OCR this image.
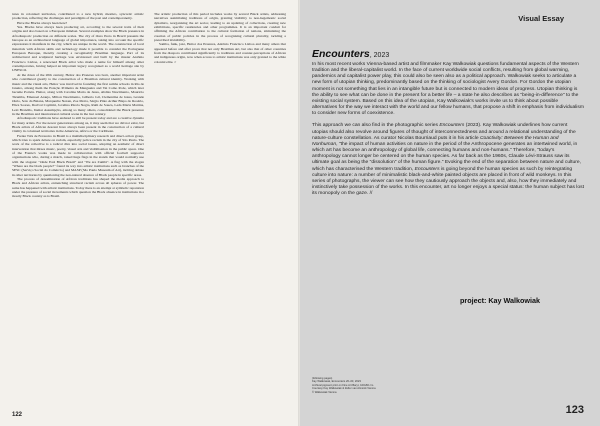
tures in colonised territories, contributed to a new hybrid, mestizo, syncretic artistic production, reflecting the challenges and paradigms of the past and contemporaneity.

Have the Blacks always been here?

Yes. Blacks have always been producing art, according to the several traits of their origins and also based on a European mindset. Several examples show the Black presence in Afrodiasporic production on different scales. The city of Ouro Preto in Brazil presents the baroque as an architectural language of global importance, taking into account the specific expressions it manifests in the city, which are unique in the world. The construction of local materials with African skills and technology made it possible to consider the Portuguese European Baroque, thereby creating a recognisably Brazilian language. Part of its architectural and sculptural heritage was envisioned and built by the master Antônio Francisco Lisboa, a renowned Black artist who made a name for himself among other contemporaries, having helped an important legacy recognised as a world heritage site by UNESCO.

At the dawn of the 20th century, Heitor dos Prazeres was born, another important artist who contributed greatly to the construction of a Brazilian cultural identity. Working with music and the visual arts, Heitor was involved in founding the first samba schools in Rio de Janeiro, among them the Estação Primeira de Mangueira and Vai Como Pode, which later became Portela. Heitor, along with Carolina Maria de Jesus, Abdias Nascimento, Mauricio Tizumba, Emanoel Araujo, Milton Nascimento, Gilberto Gil, Clementina de Jesus, Grande Otelo, Solo da Baiana, Marquerite Nexen, Zoe Motta, Sérgio Pinto Arthur Bispo do Rosário, Eliza Soares, Dorival Caymmi, Jovelina Pérola Negra, Ruth de Souza, Leda Maria Martins, Lexi Brandão, Itamar Assumpção, among so many others, consolidated the Black presence in the Brazilian and international cultural scene in the last century.

Afrodiasporic traditions have endured to still be present today and are a creative dynamo for many artists. For the newer generations among us, it may seem that we did not exist, but Black artists of African descent have always been present in the construction of a cultural vitality in colonised territories in the Americas, Africa or the Caribbean.

Frente Três de Fevereiro in Brazil is a multidisciplinary research and direct-action group, which tries to spark debate on racism, especially police racism in the city of São Paulo. The work of the collective is a radical dive into social issues, adopting an aesthetic of direct intervention that mixes music, poetry, visual arts and visibilisation in the public space. One of the Frente's works was made in collaboration with official football supporter organisations who, during a match, raised huge flags in the stands that would normally use with the slogans: "Onde Está Black Brazil" and "We are Zumbi". A flag with the slogan "Where are the black people?" found its way into artistic institutions such as branches of the SESC (Serviço Social do Comércio) and MASP (São Paulo Museum of Art), inciting debate in other territories by questioning the non-natural absence of Black people in specific areas.

The process of denomination of African traditions has shaped the media approach to Black and African artists, entrenching structural racism across all spheres of power. The same has happened with artistic institutions. Today there is an attempt at symbolic reparation under the pressure of social movements which question the Black absence in institutions in a mostly Black country as is Brazil.

The artistic production of this period includes works by several Black artists, addressing narratives assimilating traditions of origin, granting visibility to non-hegemonic social dynamics, reorganising the art sector, leading to an updating of collections, creating new exhibitions, specific residencies and other programmes. It is an important conduit for affirming the African contribution to the cultural formation of nations, stimulating the creation of public policies in the process of recognising cultural plurality, tackling a prescribed invisibility.

Samba, funk, jazz, Heitor dos Prazeres, Antônio Francisco Lisboa and many others that appeared before and after prove that not only Brazilian Art, but also that of other countries from the diaspora contributed significantly to traditions and counter-perceptions of African and indigenous origin, now when access to artistic institutions was only granted to the white colonial elite. //

122
Visual Essay
Encounters, 2023

In his most recent works Vienna-based artist and filmmaker Kay Walkowiak questions fundamental aspects of the Western tradition and the liberal-capitalist world. In the face of current worldwide social conflicts, resulting from global warming, pandemics and capitalist power play, this could also be seen also as a political approach. Walkowiak seeks to articulate a new form of utopian thinking, predominantly based on the thinking of sociologist Avery Gordon. For Gordon the utopian moment is not something that lies in an intangible future but is connected to modern ideas of progress. Utopian thinking is the ability to see what can be done in the present for a better life – a state he also describes as "being-in-difference" to the existing social system. Based on this idea of the utopian, Kay Walkowiak's works invite us to think about possible alternatives for the way we interact with the world and our fellow humans, that propose a shift in emphasis from individualism to consider new forms of coexistence.

This approach we can also find in the photographic series Encounters (2023). Kay Walkowiak underlines how current utopias should also revolve around figures of thought of interconnectedness and around a relational understanding of the nature-culture constellation. As curator Nicolas Bourriaud puts it in his article Coactivity: Between the Human and Nonhuman, "the impact of human activities on nature in the period of the Anthropocene generates an intertwined world, in which art has become an anthropology of global life, connecting humans and non-humans." Therefore, "today's anthropology cannot longer be centered on the human species. As far back as the 1960s, Claude Lévi-Strauss saw its ultimate goal as being the "dissolution" of the human figure." Evoking the end of the separation between nature and culture, which has characterised the Western tradition, Encounters is going beyond the human species as such by reintegrating culture into nature: a number of minimalistic black-and-white painted objects are placed in front of wild monkeys. In this series of photographs, the viewer can see how they cautiously approach the objects and, also, how they immediately and instinctively take possession of the works. In this encounter, art no longer enjoys a special status: the human subject has lost its monopoly on the gaze. //

project: Kay Walkowiak
(following pages)
Kay Walkowiak, Encounters 20–03, 2023
Archival pigment print on Fine Art Baryt, 100x66 cm.
Courtesy Kay Walkowiak & Zeller van Almsick Vienna
© Walkowiak Vienna
123
